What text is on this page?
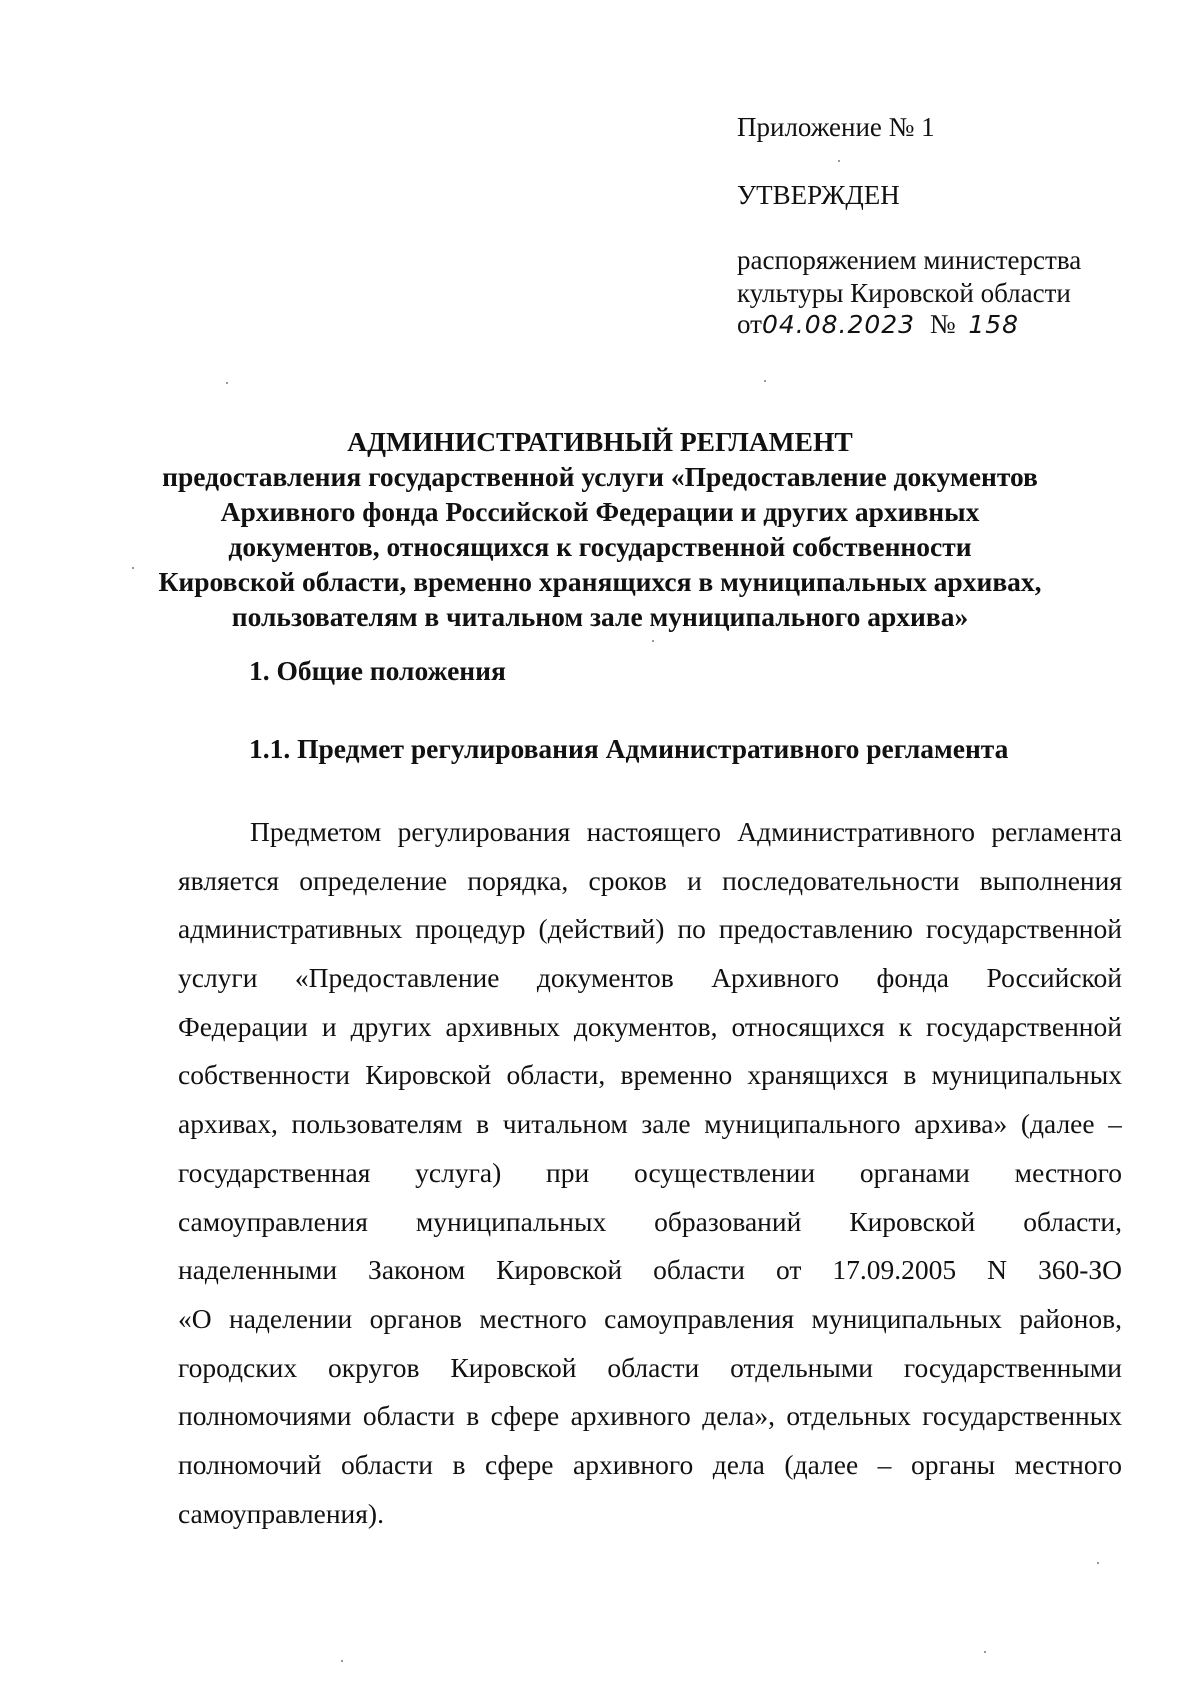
Приложение № 1
УТВЕРЖДЕН
распоряжением министерства
культуры Кировской области
от04.08.2023 № 158
АДМИНИСТРАТИВНЫЙ РЕГЛАМЕНТ
предоставления государственной услуги «Предоставление документов
Архивного фонда Российской Федерации и других архивных
документов, относящихся к государственной собственности
Кировской области, временно хранящихся в муниципальных архивах,
пользователям в читальном зале муниципального архива»
1. Общие положения
1.1. Предмет регулирования Административного регламента
Предметом регулирования настоящего Административного регламента
является определение порядка, сроков и последовательности выполнения
административных процедур (действий) по предоставлению государственной
услуги «Предоставление документов Архивного фонда Российской
Федерации и других архивных документов, относящихся к государственной
собственности Кировской области, временно хранящихся в муниципальных
архивах, пользователям в читальном зале муниципального архива» (далее –
государственная услуга) при осуществлении органами местного
самоуправления муниципальных образований Кировской области,
наделенными Законом Кировской области от 17.09.2005 N 360-ЗО
«О наделении органов местного самоуправления муниципальных районов,
городских округов Кировской области отдельными государственными
полномочиями области в сфере архивного дела», отдельных государственных
полномочий области в сфере архивного дела (далее – органы местного
самоуправления).
